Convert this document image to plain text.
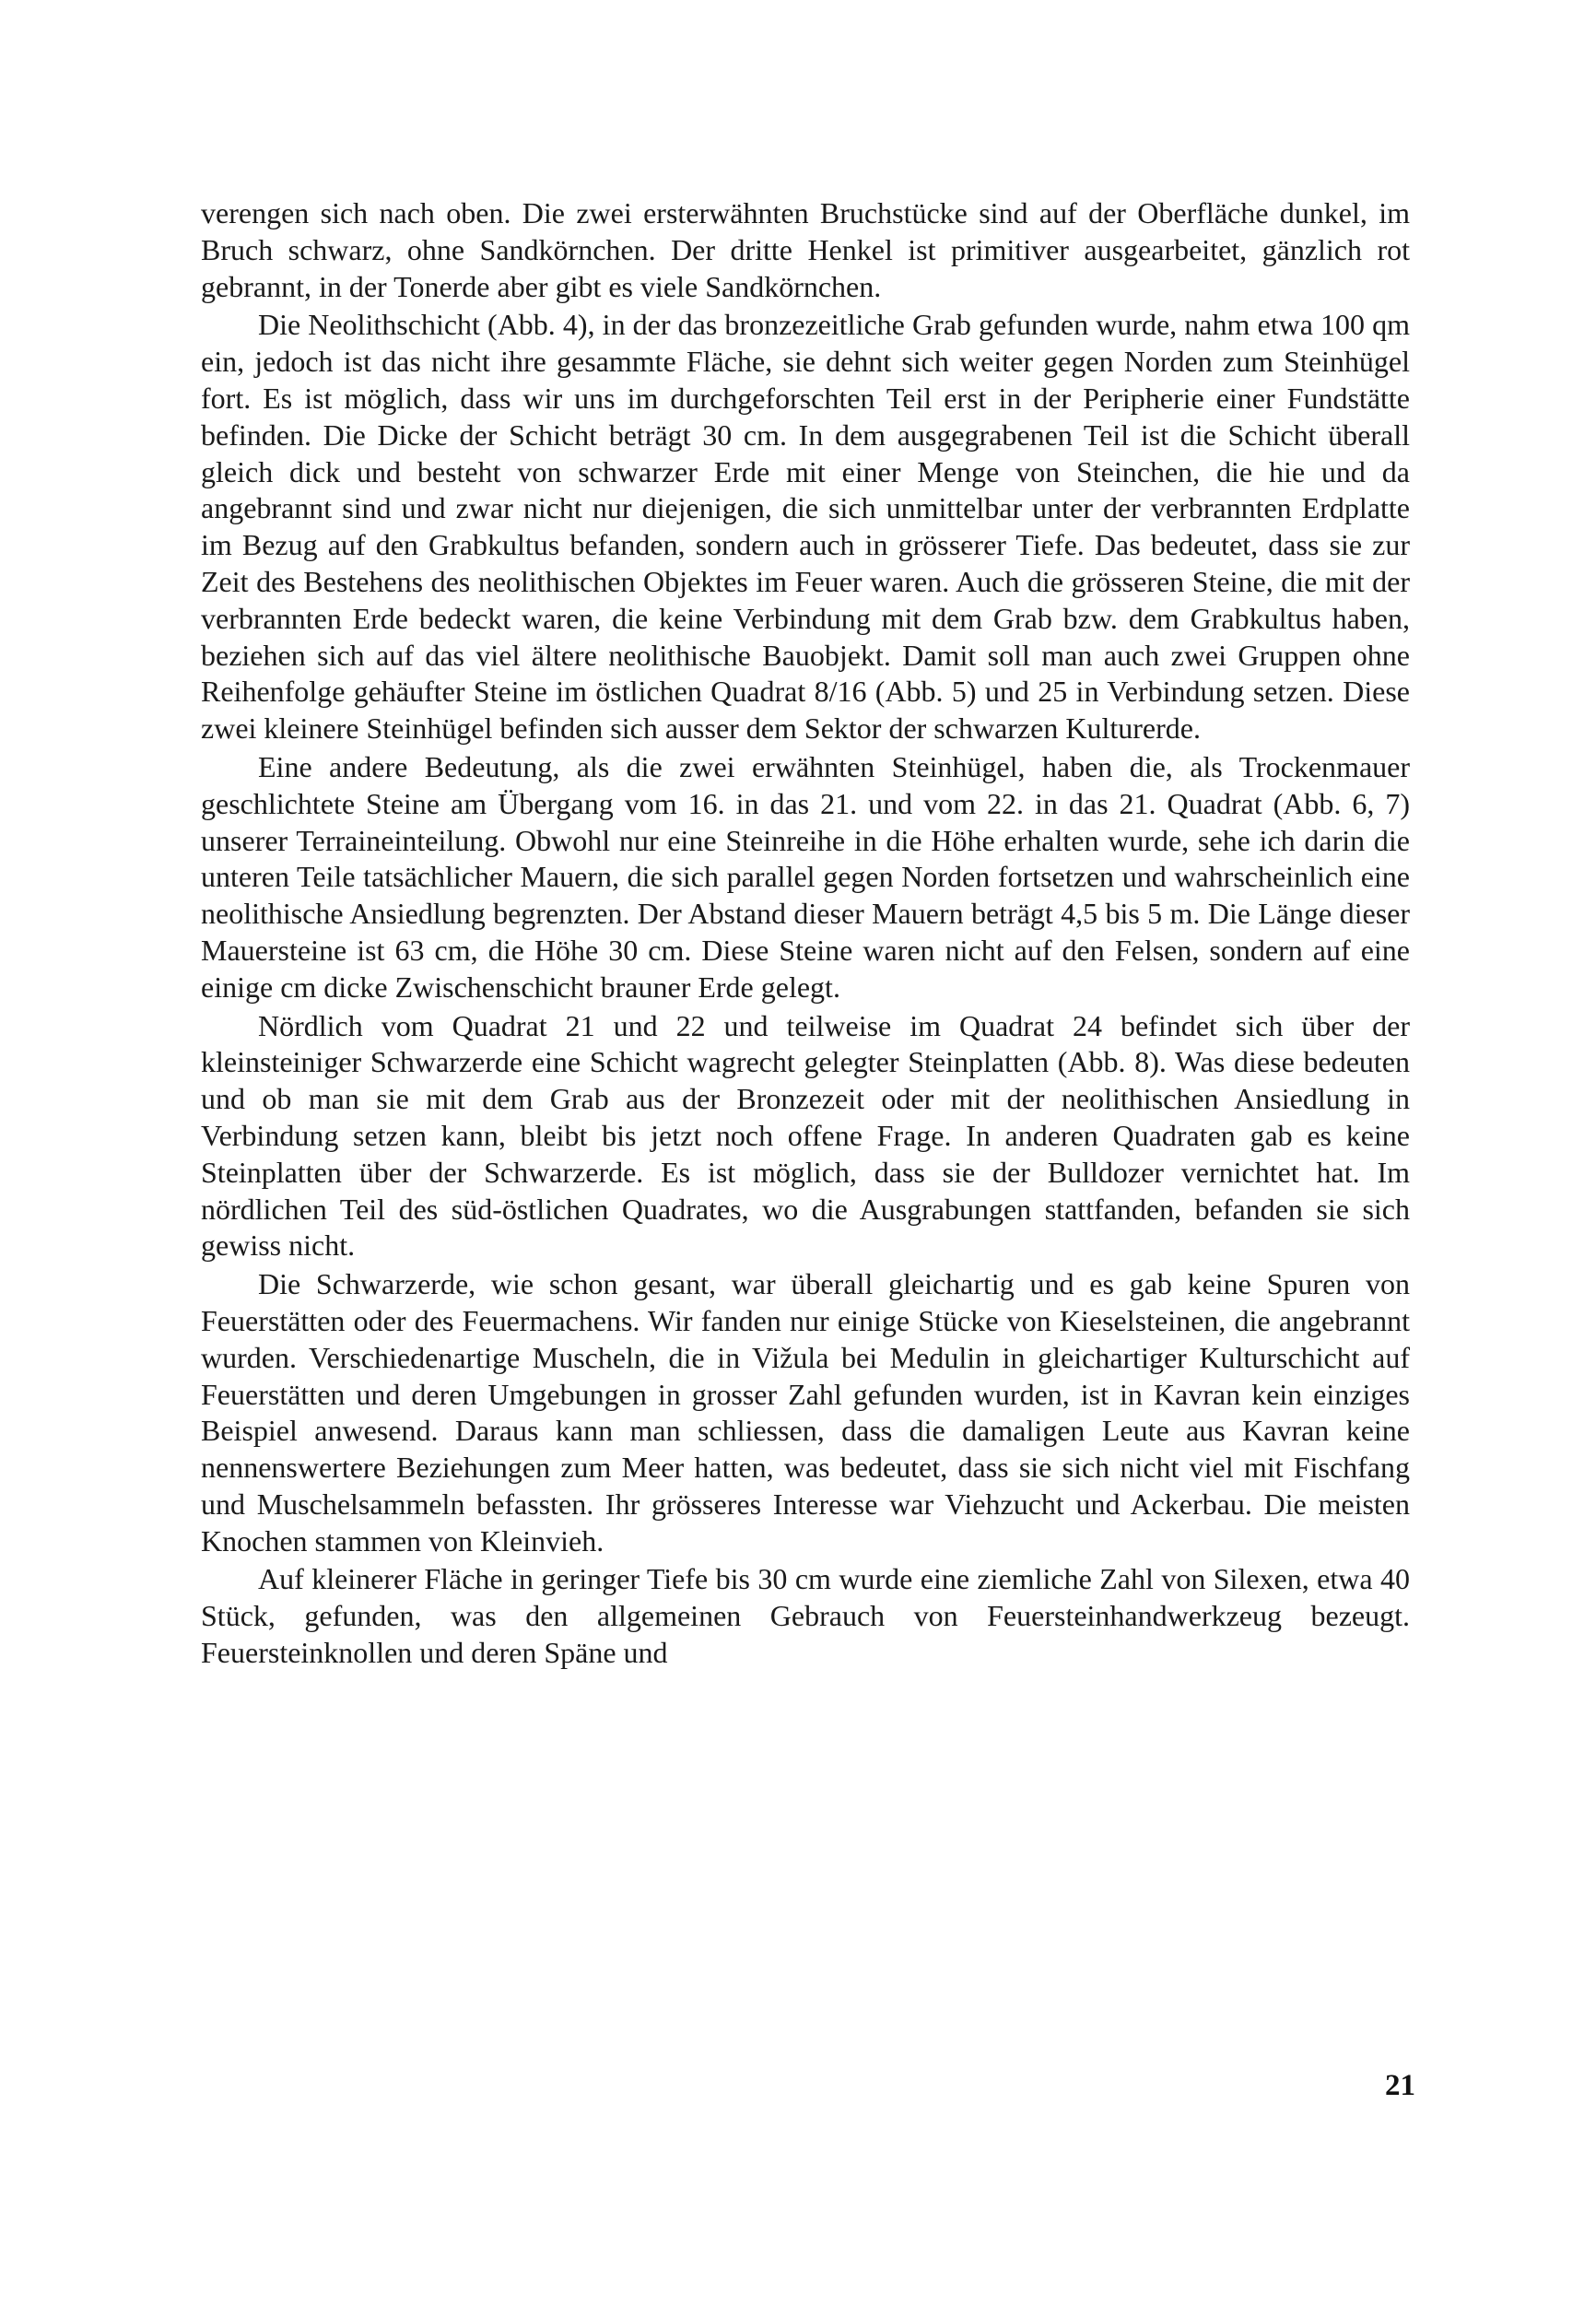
verengen sich nach oben. Die zwei ersterwähnten Bruchstücke sind auf der Oberfläche dunkel, im Bruch schwarz, ohne Sandkörnchen. Der dritte Henkel ist primitiver ausgearbeitet, gänzlich rot gebrannt, in der Tonerde aber gibt es viele Sandkörnchen.

Die Neolithschicht (Abb. 4), in der das bronzezeitliche Grab gefunden wurde, nahm etwa 100 qm ein, jedoch ist das nicht ihre gesammte Fläche, sie dehnt sich weiter gegen Norden zum Steinhügel fort. Es ist möglich, dass wir uns im durchgeforschten Teil erst in der Peripherie einer Fundstätte befinden. Die Dicke der Schicht beträgt 30 cm. In dem ausgegrabenen Teil ist die Schicht überall gleich dick und besteht von schwarzer Erde mit einer Menge von Steinchen, die hie und da angebrannt sind und zwar nicht nur diejenigen, die sich unmittelbar unter der verbrannten Erdplatte im Bezug auf den Grabkultus befanden, sondern auch in grösserer Tiefe. Das bedeutet, dass sie zur Zeit des Bestehens des neolithischen Objektes im Feuer waren. Auch die grösseren Steine, die mit der verbrannten Erde bedeckt waren, die keine Verbindung mit dem Grab bzw. dem Grabkultus haben, beziehen sich auf das viel ältere neolithische Bauobjekt. Damit soll man auch zwei Gruppen ohne Reihenfolge gehäufter Steine im östlichen Quadrat 8/16 (Abb. 5) und 25 in Verbindung setzen. Diese zwei kleinere Steinhügel befinden sich ausser dem Sektor der schwarzen Kulturerde.

Eine andere Bedeutung, als die zwei erwähnten Steinhügel, haben die, als Trockenmauer geschlichtete Steine am Übergang vom 16. in das 21. und vom 22. in das 21. Quadrat (Abb. 6, 7) unserer Terraineinteilung. Obwohl nur eine Steinreihe in die Höhe erhalten wurde, sehe ich darin die unteren Teile tatsächlicher Mauern, die sich parallel gegen Norden fortsetzen und wahrscheinlich eine neolithische Ansiedlung begrenzten. Der Abstand dieser Mauern beträgt 4,5 bis 5 m. Die Länge dieser Mauersteine ist 63 cm, die Höhe 30 cm. Diese Steine waren nicht auf den Felsen, sondern auf eine einige cm dicke Zwischenschicht brauner Erde gelegt.

Nördlich vom Quadrat 21 und 22 und teilweise im Quadrat 24 befindet sich über der kleinsteiniger Schwarzerde eine Schicht wagrecht gelegter Steinplatten (Abb. 8). Was diese bedeuten und ob man sie mit dem Grab aus der Bronzezeit oder mit der neolithischen Ansiedlung in Verbindung setzen kann, bleibt bis jetzt noch offene Frage. In anderen Quadraten gab es keine Steinplatten über der Schwarzerde. Es ist möglich, dass sie der Bulldozer vernichtet hat. Im nördlichen Teil des süd-östlichen Quadrates, wo die Ausgrabungen stattfanden, befanden sie sich gewiss nicht.

Die Schwarzerde, wie schon gesant, war überall gleichartig und es gab keine Spuren von Feuerstätten oder des Feuermachens. Wir fanden nur einige Stücke von Kieselsteinen, die angebrannt wurden. Verschiedenartige Muscheln, die in Vižula bei Medulin in gleichartiger Kulturschicht auf Feuerstätten und deren Umgebungen in grosser Zahl gefunden wurden, ist in Kavran kein einziges Beispiel anwesend. Daraus kann man schliessen, dass die damaligen Leute aus Kavran keine nennenswertere Beziehungen zum Meer hatten, was bedeutet, dass sie sich nicht viel mit Fischfang und Muschelsammeln befassten. Ihr grösseres Interesse war Viehzucht und Ackerbau. Die meisten Knochen stammen von Kleinvieh.

Auf kleinerer Fläche in geringer Tiefe bis 30 cm wurde eine ziemliche Zahl von Silexen, etwa 40 Stück, gefunden, was den allgemeinen Gebrauch von Feuersteinhandwerkzeug bezeugt. Feuersteinknollen und deren Späne und

21
